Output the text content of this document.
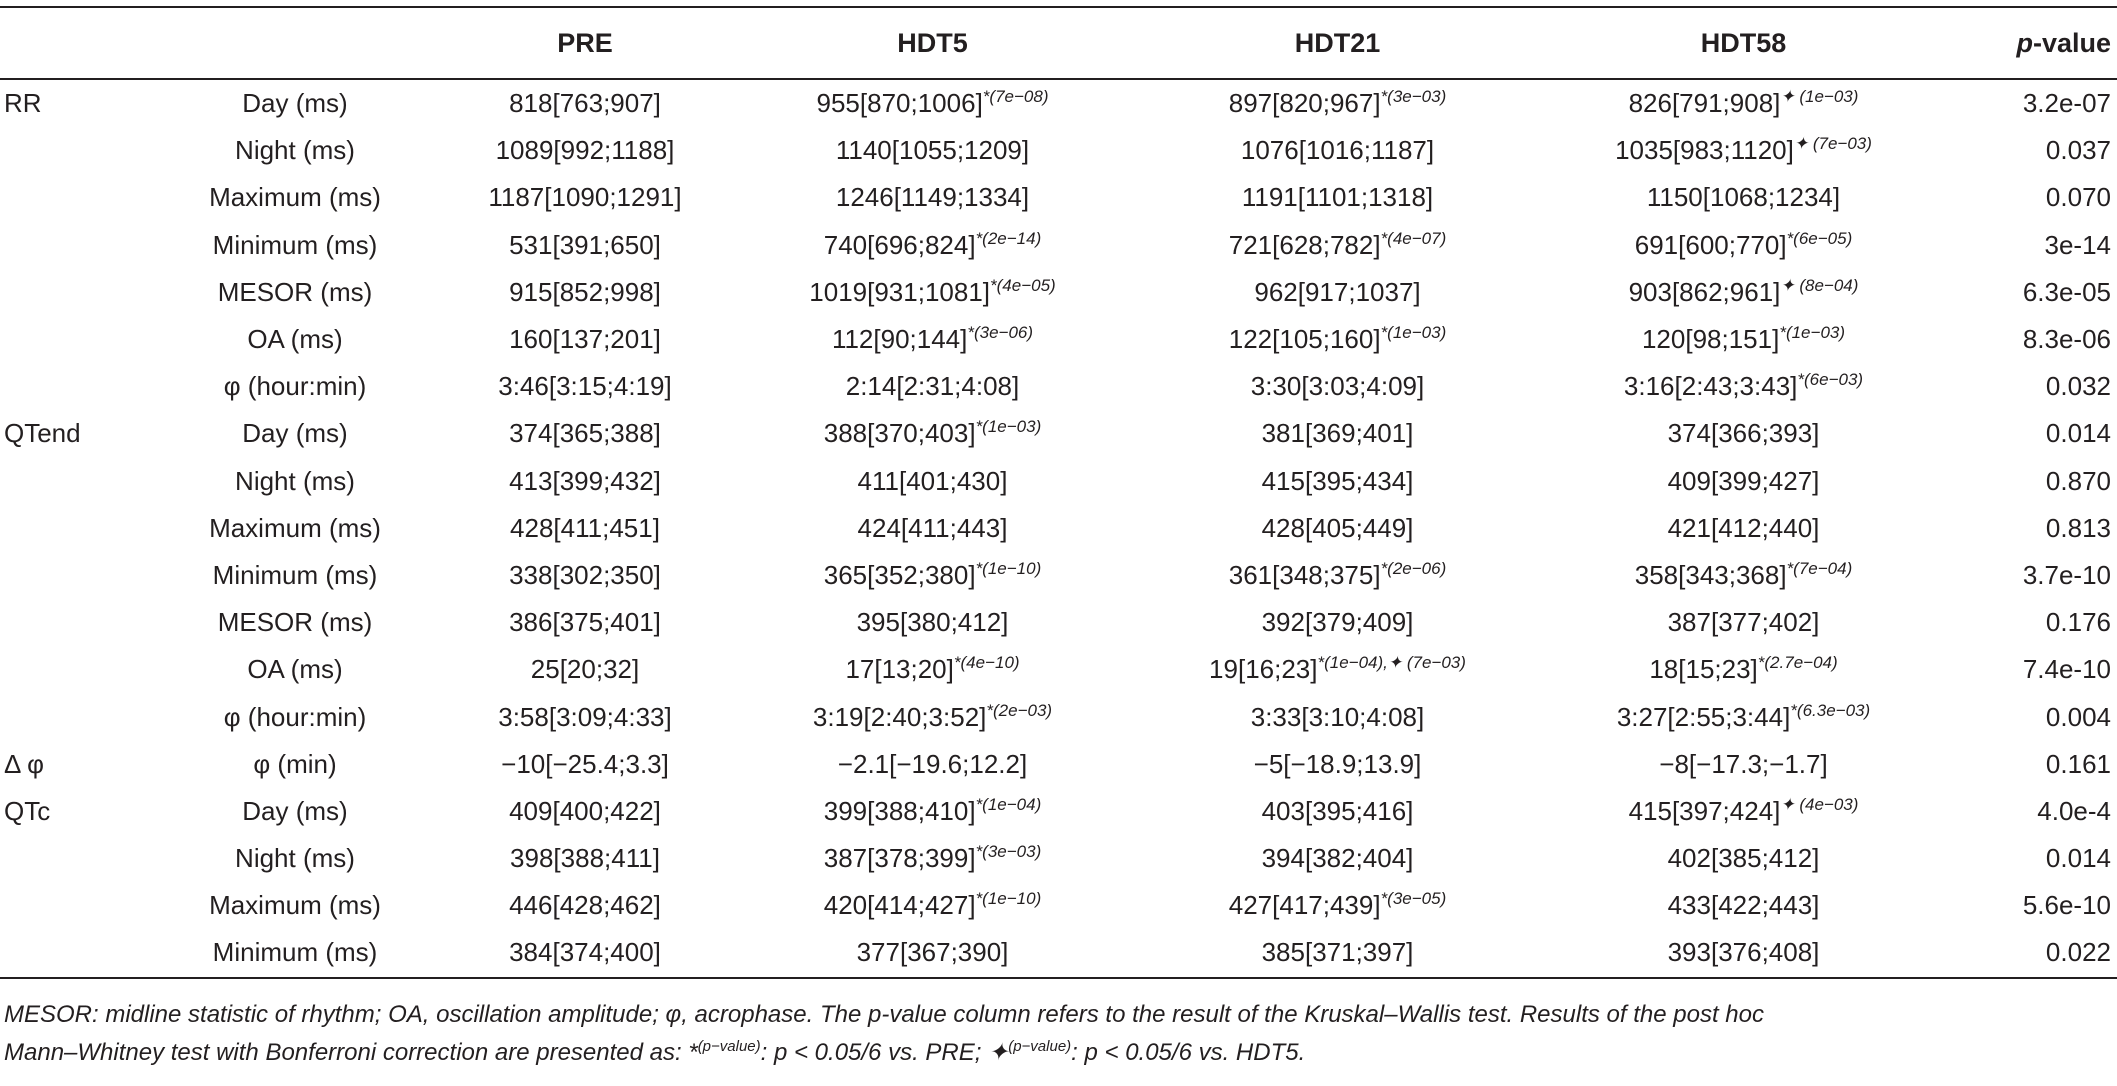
		PRE	HDT5	HDT21	HDT58	p-value
RR	Day (ms)	818[763;907]	955[870;1006]$^{*(7e-08)}$	897[820;967]$^{*(3e-03)}$	826[791;908]$^{✦ (1e-03)}$	3.2e-07
	Night (ms)	1089[992;1188]	1140[1055;1209]	1076[1016;1187]	1035[983;1120]$^{✦ (7e-03)}$	0.037
	Maximum (ms)	1187[1090;1291]	1246[1149;1334]	1191[1101;1318]	1150[1068;1234]	0.070
	Minimum (ms)	531[391;650]	740[696;824]$^{*(2e-14)}$	721[628;782]$^{*(4e-07)}$	691[600;770]$^{*(6e-05)}$	3e-14
	MESOR (ms)	915[852;998]	1019[931;1081]$^{*(4e-05)}$	962[917;1037]	903[862;961]$^{✦ (8e-04)}$	6.3e-05
	OA (ms)	160[137;201]	112[90;144]$^{*(3e-06)}$	122[105;160]$^{*(1e-03)}$	120[98;151]$^{*(1e-03)}$	8.3e-06
	φ (hour:min)	3:46[3:15;4:19]	2:14[2:31;4:08]	3:30[3:03;4:09]	3:16[2:43;3:43]$^{*(6e-03)}$	0.032
QTend	Day (ms)	374[365;388]	388[370;403]$^{*(1e-03)}$	381[369;401]	374[366;393]	0.014
	Night (ms)	413[399;432]	411[401;430]	415[395;434]	409[399;427]	0.870
	Maximum (ms)	428[411;451]	424[411;443]	428[405;449]	421[412;440]	0.813
	Minimum (ms)	338[302;350]	365[352;380]$^{*(1e-10)}$	361[348;375]$^{*(2e-06)}$	358[343;368]$^{*(7e-04)}$	3.7e-10
	MESOR (ms)	386[375;401]	395[380;412]	392[379;409]	387[377;402]	0.176
	OA (ms)	25[20;32]	17[13;20]$^{*(4e-10)}$	19[16;23]$^{*(1e-04),✦ (7e-03)}$	18[15;23]$^{*(2.7e-04)}$	7.4e-10
	φ (hour:min)	3:58[3:09;4:33]	3:19[2:40;3:52]$^{*(2e-03)}$	3:33[3:10;4:08]	3:27[2:55;3:44]$^{*(6.3e-03)}$	0.004
Δ φ	φ (min)	−10[−25.4;3.3]	−2.1[−19.6;12.2]	−5[−18.9;13.9]	−8[−17.3;−1.7]	0.161
QTc	Day (ms)	409[400;422]	399[388;410]$^{*(1e-04)}$	403[395;416]	415[397;424]$^{✦ (4e-03)}$	4.0e-4
	Night (ms)	398[388;411]	387[378;399]$^{*(3e-03)}$	394[382;404]	402[385;412]	0.014
	Maximum (ms)	446[428;462]	420[414;427]$^{*(1e-10)}$	427[417;439]$^{*(3e-05)}$	433[422;443]	5.6e-10
	Minimum (ms)	384[374;400]	377[367;390]	385[371;397]	393[376;408]	0.022
MESOR: midline statistic of rhythm; OA, oscillation amplitude; φ, acrophase. The p-value column refers to the result of the Kruskal–Wallis test. Results of the post hoc
Mann–Whitney test with Bonferroni correction are presented as: *$^{(p-value)}$: p < 0.05/6 vs. PRE; ✦$^{(p-value)}$: p < 0.05/6 vs. HDT5.
